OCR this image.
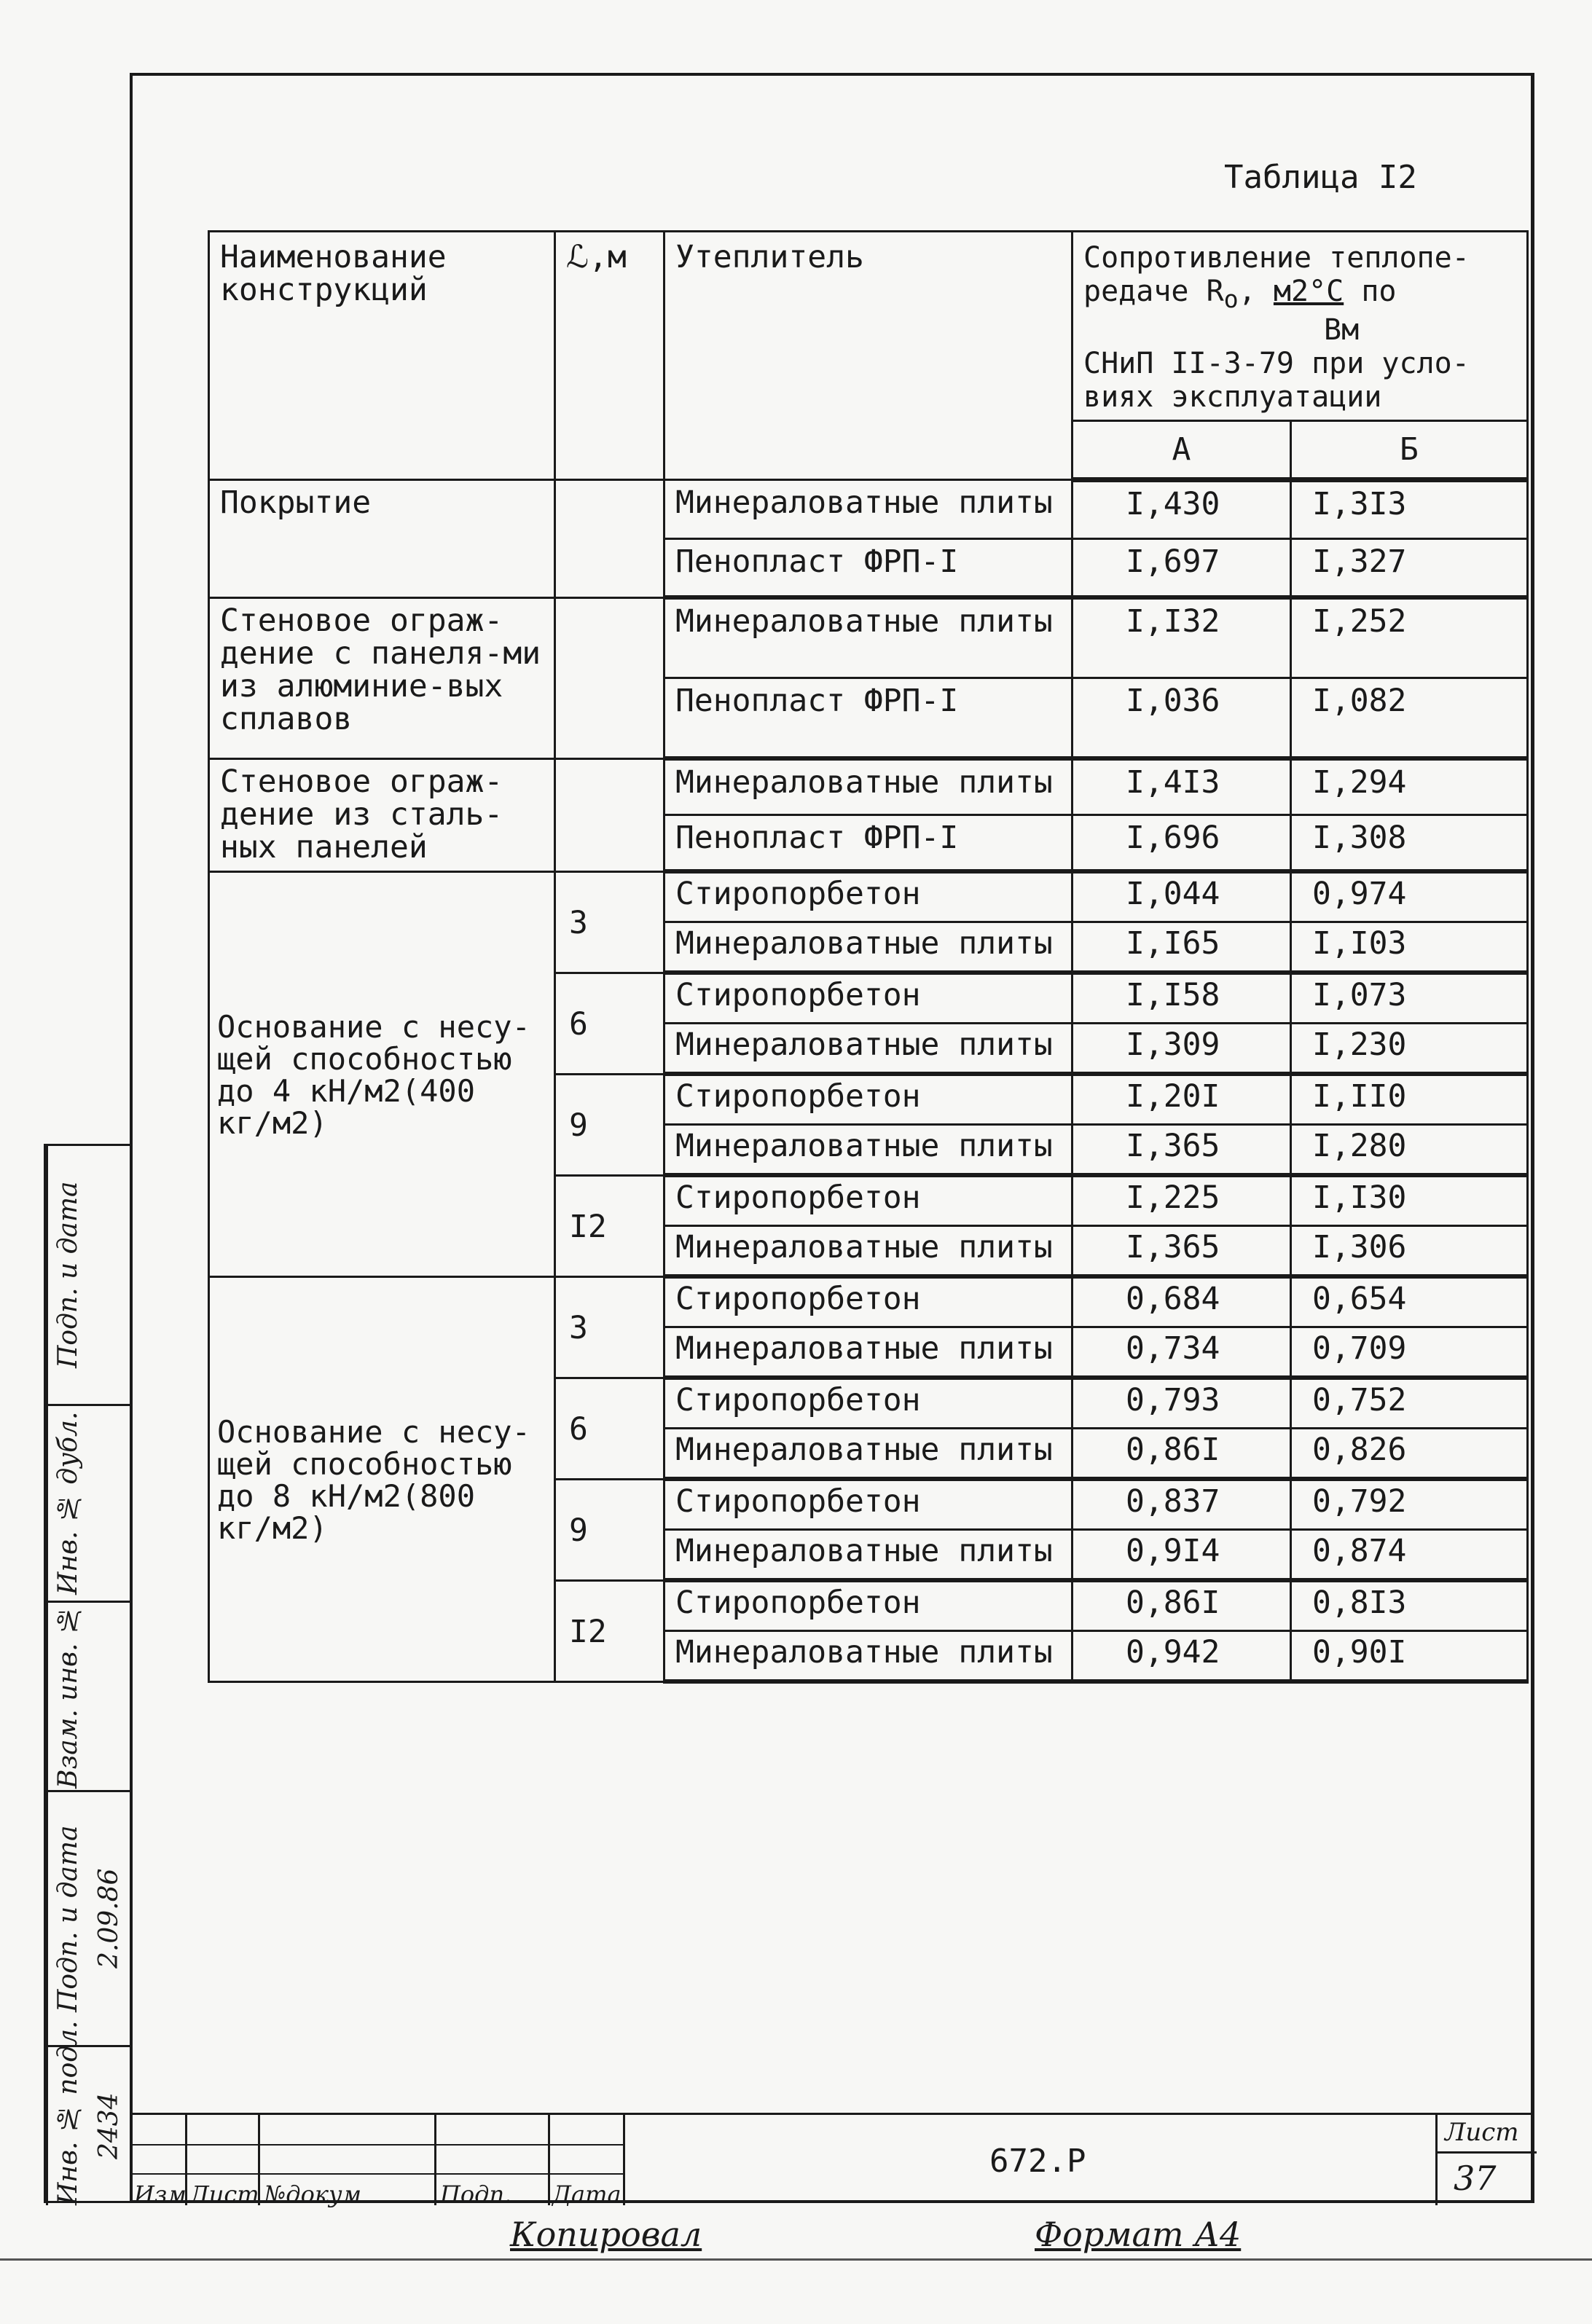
Таблица I2
Наименование конструкций	ℒ,м	Утеплитель	Сопротивление теплопе-
редаче $R_o$, м2°С по
Вм
СНиП II-3-79 при усло-
виях эксплуатации	

			А	Б
Покрытие		Минераловатные плиты	I,430	I,3I3
		Пенопласт ФРП-I	I,697	I,327
Стеновое ограж-дение с панеля-ми из алюминие-вых сплавов		Минераловатные плиты	I,I32	I,252
		Пенопласт ФРП-I	I,036	I,082
Стеновое ограж-дение из сталь-ных панелей		Минераловатные плиты	I,4I3	I,294
		Пенопласт ФРП-I	I,696	I,308
Основание с несу-щей способностью до 4 кН/м2(400 кг/м2)	3	Стиропорбетон	I,044	0,974
		Минераловатные плиты	I,I65	I,I03
	6	Стиропорбетон	I,I58	I,073
		Минераловатные плиты	I,309	I,230
	9	Стиропорбетон	I,20I	I,II0
		Минераловатные плиты	I,365	I,280
	I2	Стиропорбетон	I,225	I,I30
		Минераловатные плиты	I,365	I,306
Основание с несу-щей способностью до 8 кН/м2(800 кг/м2)	3	Стиропорбетон	0,684	0,654
		Минераловатные плиты	0,734	0,709
	6	Стиропорбетон	0,793	0,752
		Минераловатные плиты	0,86I	0,826
	9	Стиропорбетон	0,837	0,792
		Минераловатные плиты	0,9I4	0,874
	I2	Стиропорбетон	0,86I	0,8I3
		Минераловатные плиты	0,942	0,90I
Подп. и дата
Инв. № дубл.
Взам. инв. №
Подп. и дата 2.09.86
Инв. № подл. 2434
Изм Лист №докум	Подп. Дата
672.Р
Лист
37
Копировал	Формат А4
